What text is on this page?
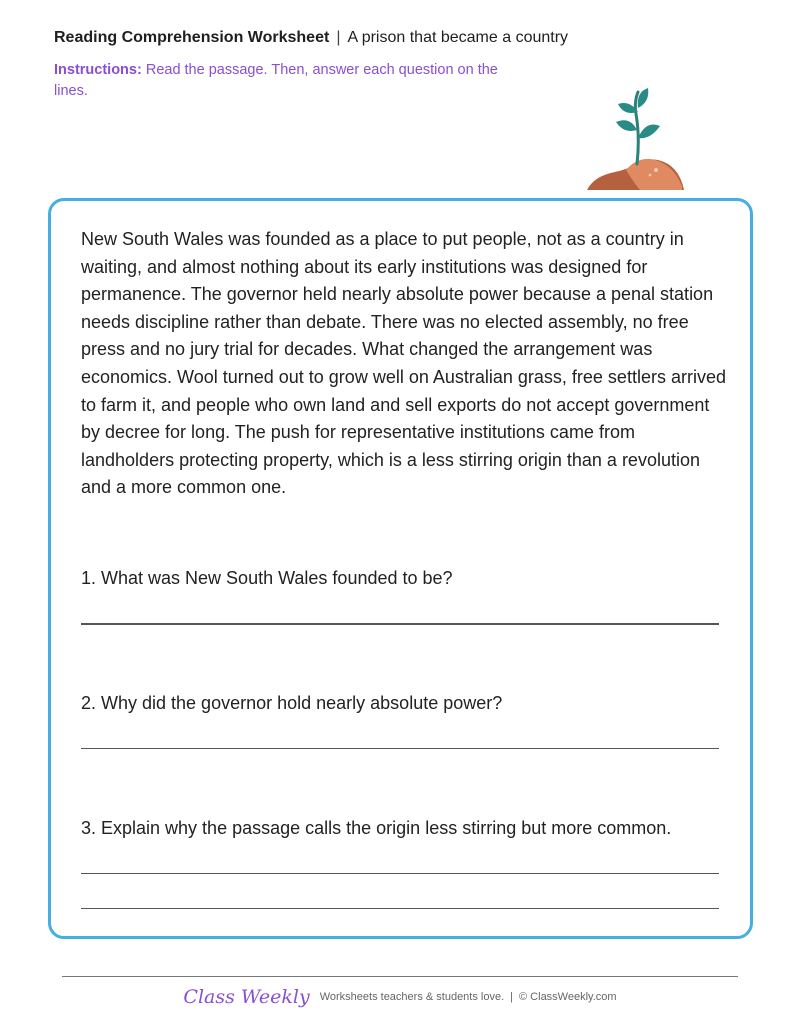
Reading Comprehension Worksheet | A prison that became a country
Instructions: Read the passage. Then, answer each question on the lines.

New South Wales was founded as a place to put people, not as a country in waiting, and almost nothing about its early institutions was designed for permanence. The governor held nearly absolute power because a penal station needs discipline rather than debate. There was no elected assembly, no free press and no jury trial for decades. What changed the arrangement was economics. Wool turned out to grow well on Australian grass, free settlers arrived to farm it, and people who own land and sell exports do not accept government by decree for long. The push for representative institutions came from landholders protecting property, which is a less stirring origin than a revolution and a more common one.

1. What was New South Wales founded to be?
2. Why did the governor hold nearly absolute power?
3. Explain why the passage calls the origin less stirring but more common.
Class Weekly Worksheets teachers & students love. | © ClassWeekly.com
